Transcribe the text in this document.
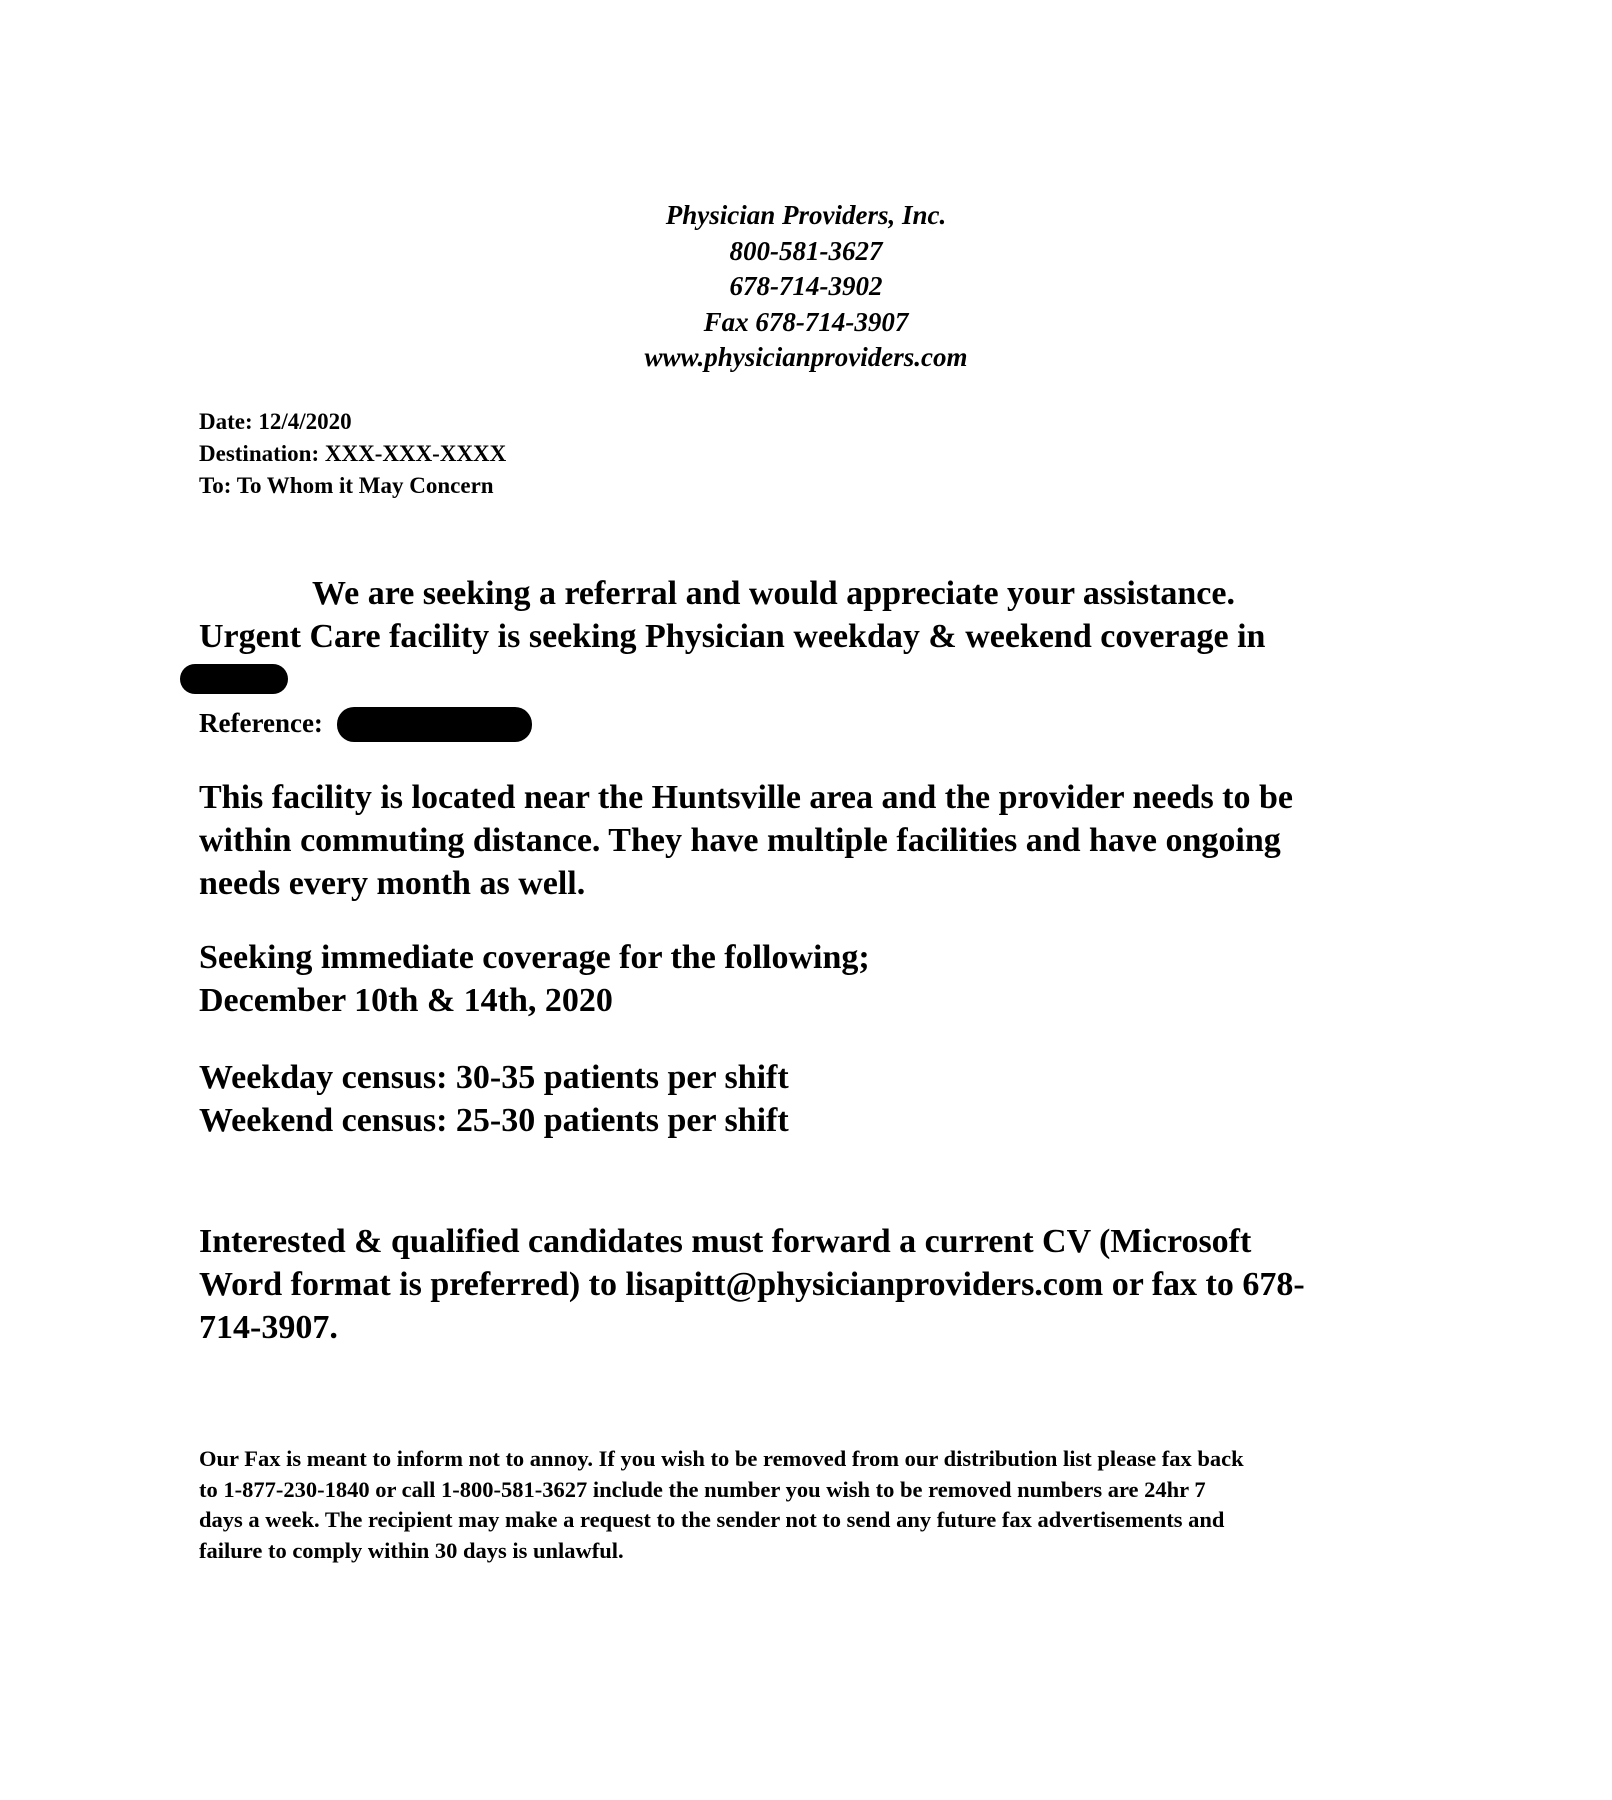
Physician Providers, Inc.
800-581-3627
678-714-3902
Fax 678-714-3907
www.physicianproviders.com
Date: 12/4/2020
Destination: XXX-XXX-XXXX
To: To Whom it May Concern
We are seeking a referral and would appreciate your assistance.
Urgent Care facility is seeking Physician weekday & weekend coverage in
Reference:
This facility is located near the Huntsville area and the provider needs to be
within commuting distance. They have multiple facilities and have ongoing
needs every month as well.
Seeking immediate coverage for the following;
December 10th & 14th, 2020
Weekday census: 30-35 patients per shift
Weekend census: 25-30 patients per shift
Interested & qualified candidates must forward a current CV (Microsoft
Word format is preferred) to lisapitt@physicianproviders.com or fax to 678-
714-3907.
Our Fax is meant to inform not to annoy. If you wish to be removed from our distribution list please fax back
to 1-877-230-1840 or call 1-800-581-3627 include the number you wish to be removed numbers are 24hr 7
days a week. The recipient may make a request to the sender not to send any future fax advertisements and
failure to comply within 30 days is unlawful.
